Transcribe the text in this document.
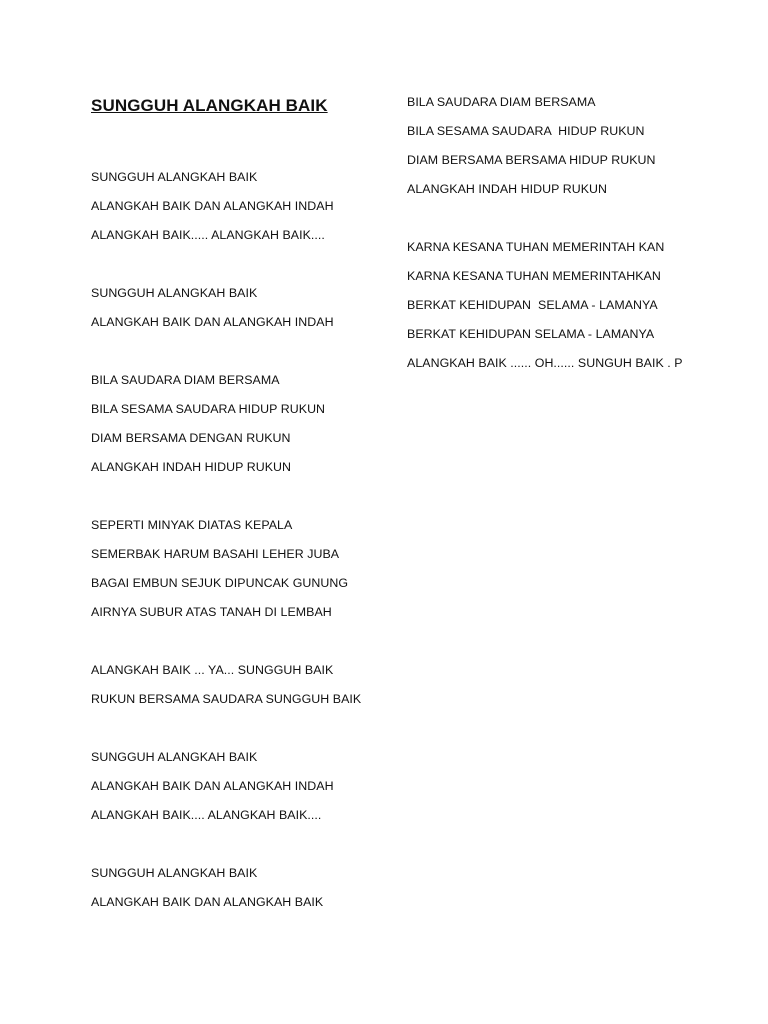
SUNGGUH ALANGKAH BAIK
SUNGGUH ALANGKAH BAIK
ALANGKAH BAIK DAN ALANGKAH INDAH
ALANGKAH BAIK..... ALANGKAH BAIK....
SUNGGUH ALANGKAH BAIK
ALANGKAH BAIK DAN ALANGKAH INDAH
BILA SAUDARA DIAM BERSAMA
BILA SESAMA SAUDARA HIDUP RUKUN
DIAM BERSAMA DENGAN RUKUN
ALANGKAH INDAH HIDUP RUKUN
SEPERTI MINYAK DIATAS KEPALA
SEMERBAK HARUM BASAHI LEHER JUBA
BAGAI EMBUN SEJUK DIPUNCAK GUNUNG
AIRNYA SUBUR ATAS TANAH DI LEMBAH
ALANGKAH BAIK ... YA... SUNGGUH BAIK
RUKUN BERSAMA SAUDARA SUNGGUH BAIK
SUNGGUH ALANGKAH BAIK
ALANGKAH BAIK DAN ALANGKAH INDAH
ALANGKAH BAIK.... ALANGKAH BAIK....
SUNGGUH ALANGKAH BAIK
ALANGKAH BAIK DAN ALANGKAH BAIK
BILA SAUDARA DIAM BERSAMA
BILA SESAMA SAUDARA  HIDUP RUKUN
DIAM BERSAMA BERSAMA HIDUP RUKUN
ALANGKAH INDAH HIDUP RUKUN
KARNA KESANA TUHAN MEMERINTAH KAN
KARNA KESANA TUHAN MEMERINTAHKAN
BERKAT KEHIDUPAN  SELAMA - LAMANYA
BERKAT KEHIDUPAN SELAMA - LAMANYA
ALANGKAH BAIK ...... OH...... SUNGUH BAIK . P
